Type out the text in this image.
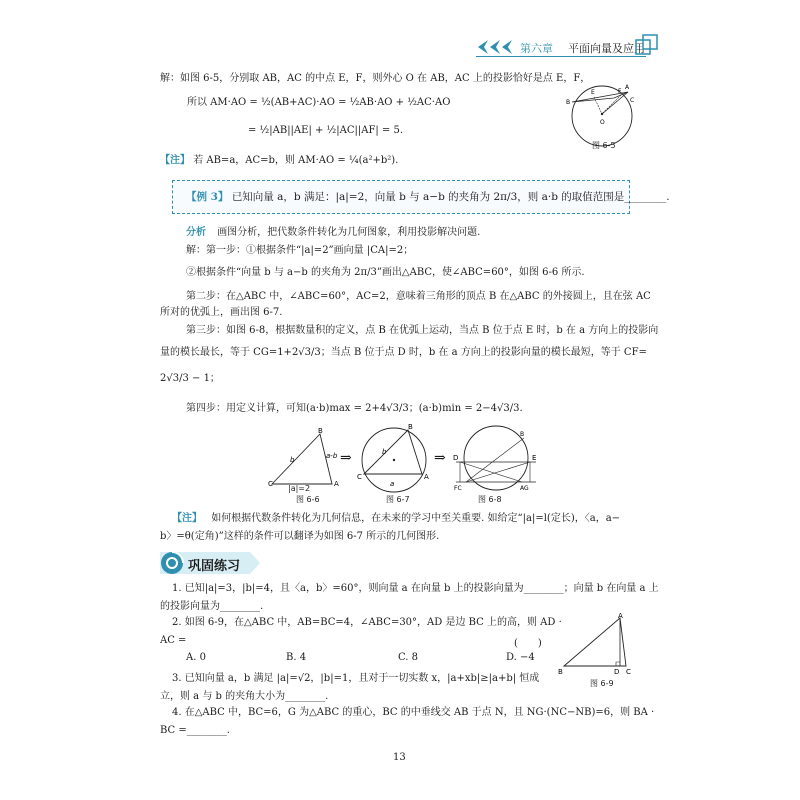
第六章 平面向量及应用
解：如图 6-5，分别取 AB，AC 的中点 E，F，则外心 O 在 AB，AC 上的投影恰好是点 E，F，
所以 AM·AO = ½(AB+AC)·AO = ½AB·AO + ½AC·AO
= ½|AB||AE| + ½|AC||AF| = 5.
【注】 若 AB=a，AC=b，则 AM·AO = ¼(a²+b²).
A
B	C
E	F
O
图 6-5
【例 3】 已知向量 a，b 满足：|a|=2，向量 b 与 a−b 的夹角为 2π/3，则 a·b 的取值范围是________.
分析 画图分析，把代数条件转化为几何图象，利用投影解决问题.
解：第一步：①根据条件“|a|=2”画向量 |CA|=2；
②根据条件“向量 b 与 a−b 的夹角为 2π/3”画出△ABC，使∠ABC=60°，如图 6-6 所示.
第二步：在△ABC 中，∠ABC=60°，AC=2，意味着三角形的顶点 B 在△ABC 的外接圆上，且在弦 AC
所对的优弧上，画出图 6-7.
第三步：如图 6-8，根据数量积的定义，点 B 在优弧上运动，当点 B 位于点 E 时，b 在 a 方向上的投影向
量的模长最长，等于 CG=1+2√3/3；当点 B 位于点 D 时，b 在 a 方向上的投影向量的模长最短，等于 CF=
2√3/3 − 1；
第四步：用定义计算，可知(a·b)max = 2+4√3/3；(a·b)min = 2−4√3/3.
C
B
A
b	a-b
|a|=2
图 6-6
⇒
C
B
A
b
a
图 6-7
⇒ D	E
FC	AG
B
图 6-8
【注】 如何根据代数条件转化为几何信息，在未来的学习中至关重要. 如给定“|a|=l(定长)，〈a，a−
b〉=θ(定角)”这样的条件可以翻译为如图 6-7 所示的几何图形.
巩固练习
1. 已知|a|=3，|b|=4，且〈a，b〉=60°，则向量 a 在向量 b 上的投影向量为________；向量 b 在向量 a 上
的投影向量为________.
2. 如图 6-9，在△ABC 中，AB=BC=4，∠ABC=30°，AD 是边 BC 上的高，则 AD ·
AC =	(　　)
A. 0	B. 4	C. 8	D. −4
3. 已知向量 a，b 满足 |a|=√2，|b|=1，且对于一切实数 x，|a+xb|≥|a+b| 恒成
立，则 a 与 b 的夹角大小为________.
4. 在△ABC 中，BC=6，G 为△ABC 的重心，BC 的中垂线交 AB 于点 N，且 NG·(NC−NB)=6，则 BA ·
BC =________.
A
B	D C
图 6-9
13
